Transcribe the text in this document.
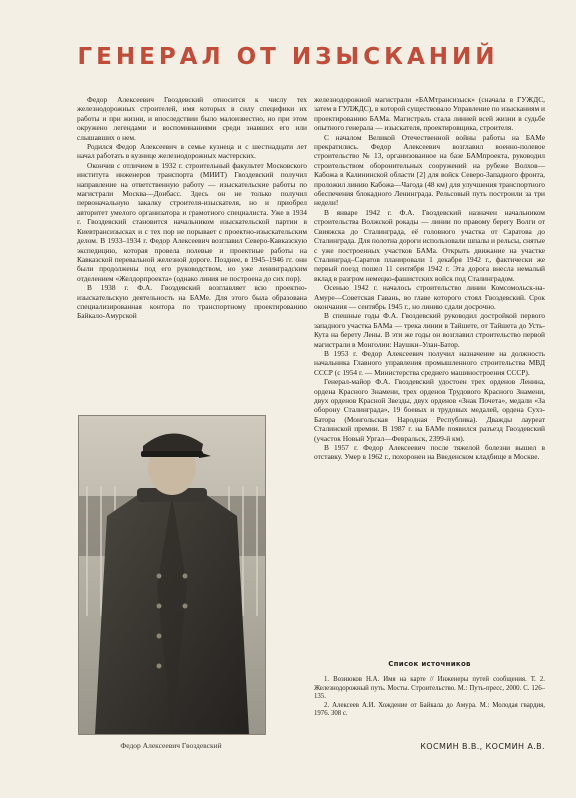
ГЕНЕРАЛ ОТ ИЗЫСКАНИЙ

Федор Алексеевич Гвоздевский относится к числу тех железнодорожных строителей, имя которых в силу специфики их работы и при жизни, и впоследствии было малоизвестно, но при этом окружено легендами и воспоминаниями среди знавших его или слышавших о нем.

Родился Федор Алексеевич в семье кузнеца и с шестнадцати лет начал работать в кузнице железнодорожных мастерских.

Окончив с отличием в 1932 г. строительный факультет Московского института инженеров транспорта (МИИТ) Гвоздевский получил направление на ответственную работу — изыскательские работы по магистрали Москва—Донбасс. Здесь он не только получил первоначальную закалку строителя-изыскателя, но и приобрел авторитет умелого организатора и грамотного специалиста. Уже в 1934 г. Гвоздевский становится начальником изыскательской партии в Киевтрансизысках и с тех пор не порывает с проектно-изыскательским делом. В 1933–1934 г. Федор Алексеевич возглавил Северо-Кавказскую экспедицию, которая провела полевые и проектные работы на Кавказской перевальной железной дороге. Позднее, в 1945–1946 гг. они были продолжены под его руководством, но уже ленинградским отделением «Желдорпроекта» (однако линия не построена до сих пор).

В 1938 г. Ф.А. Гвоздевский возглавляет всю проектно-изыскательскую деятельность на БАМе. Для этого была образована специализированная контора по транспортному проектированию Байкало-Амурской

Федор Алексеевич Гвоздевский

железнодорожной магистрали «БАМтрансизыск» (сначала в ГУЖДС, затем в ГУЛЖДС), в которой существовало Управление по изысканиям и проектированию БАМа. Магистраль стала линией всей жизни в судьбе опытного генерала — изыскателя, проектировщика, строителя.

С началом Великой Отечественной войны работы на БАМе прекратились. Федор Алексеевич возглавил военно-полевое строительство № 13, организованное на базе БАМпроекта, руководил строительством оборонительных сооружений на рубеже Волхов—Кабожа в Калининской области [2] для войск Северо-Западного фронта, проложил линию Кабожа—Чагода (48 км) для улучшения транспортного обеспечения блокадного Ленинграда. Рельсовый путь построили за три недели!

В январе 1942 г. Ф.А. Гвоздевский назначен начальником строительства Волжской рокады — линии по правому берегу Волги от Свияжска до Сталинграда, её головного участка от Саратова до Сталинграда. Для полотна дороги использовали шпалы и рельсы, снятые с уже построенных участков БАМа. Открыть движание на участке Сталинград–Саратов планировали 1 декабря 1942 г., фактически же первый поезд пошел 11 сентября 1942 г. Эта дорога внесла немалый вклад в разгром немецко-фашистских войск под Сталинградом.

Осенью 1942 г. началось строительство линии Комсомольск-на-Амуре—Советская Гавань, во главе которого стоял Гвоздевский. Срок окончания — сентябрь 1945 г., но линию сдали досрочно.

В спешные годы Ф.А. Гвоздевский руководил достройкой первого западного участка БАМа — трека линии в Тайшете, от Тайшета до Усть-Кута на берету Лены. В эти же годы он возглавил строительство первой магистрали в Монголии: Наушки–Улан-Батор.

В 1953 г. Федор Алексеевич получил назначение на должность начальника Главного управления промышленного строительства МВД СССР (с 1954 г. — Министерства среднего машиностроения СССР).

Генерал-майор Ф.А. Гвоздевский удостоен трех орденов Ленина, ордена Красного Знамени, трех орденов Трудового Красного Знамени, двух орденов Красной Звезды, двух орденов «Знак Почета», медали «За оборону Сталинграда», 19 боевых и трудовых медалей, ордена Сухэ-Батора (Монгольская Народная Республика). Дважды лауреат Сталинской премии. В 1987 г. на БАМе появился разъезд Гвоздевский (участок Новый Ургал—Февральск, 2399-й км).

В 1957 г. Федор Алексеевич после тяжелой болезни вышел в отставку. Умер в 1962 г., похоронен на Введенском кладбище в Москве.

Список источников

1. Вознюков Н.А. Имя на карте // Инженеры путей сообщения. Т. 2. Железнодорожный путь. Мосты. Строительство. М.: Путь-пресс, 2000. С. 126–135.

2. Алексеев А.И. Хождение от Байкала до Амура. М.: Молодая гвардия, 1976. 308 с.

КОСМИН В.В., КОСМИН А.В.
